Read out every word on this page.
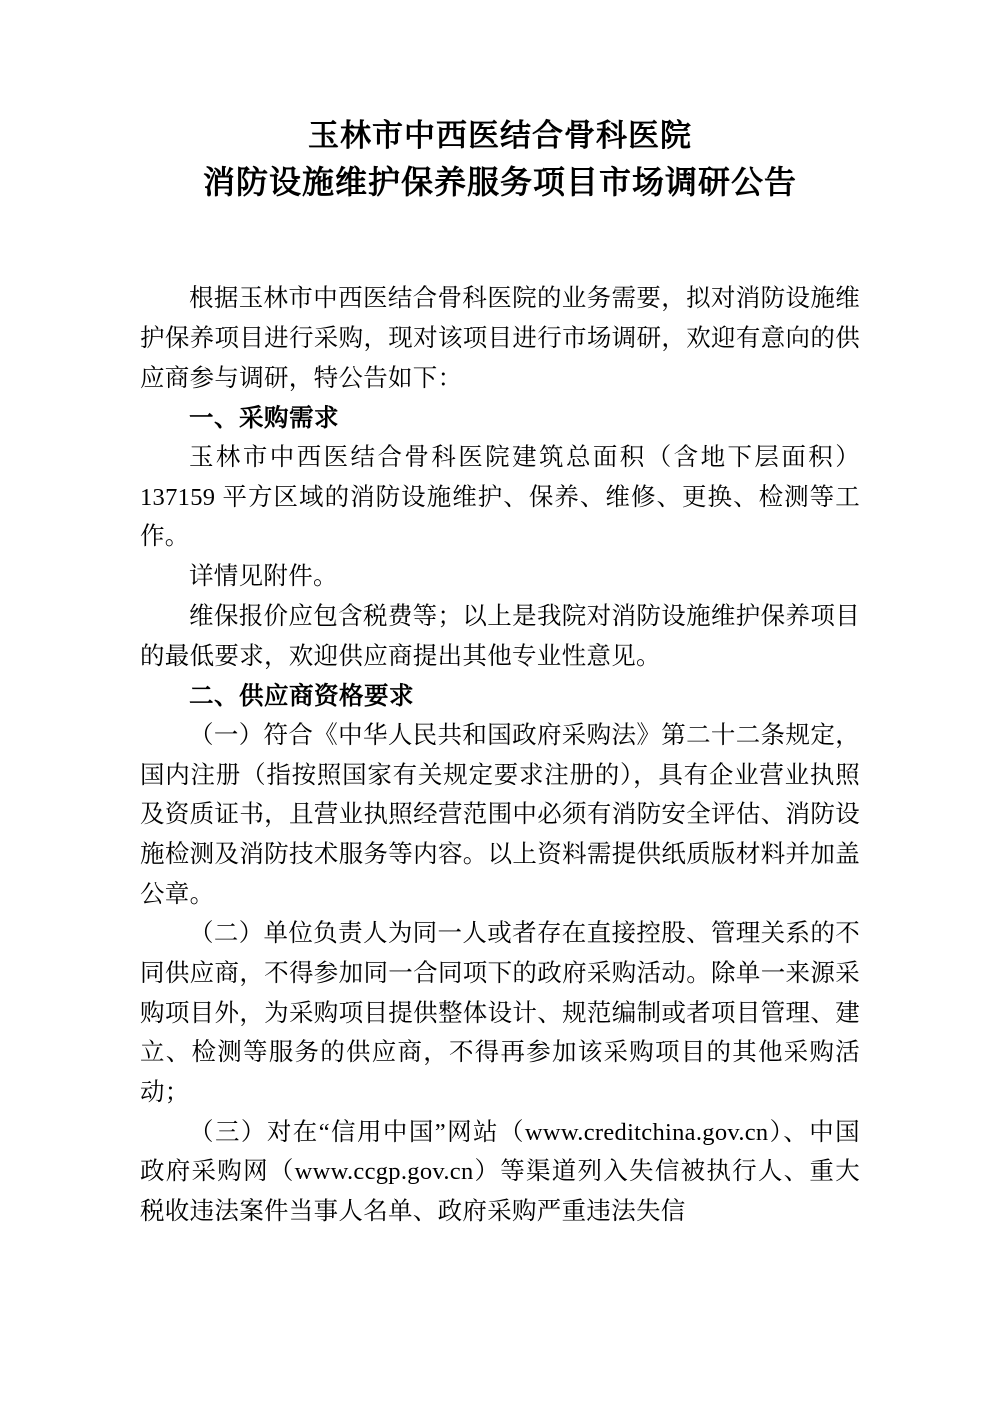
玉林市中西医结合骨科医院
消防设施维护保养服务项目市场调研公告

根据玉林市中西医结合骨科医院的业务需要，拟对消防设施维护保养项目进行采购，现对该项目进行市场调研，欢迎有意向的供应商参与调研，特公告如下：

一、采购需求

玉林市中西医结合骨科医院建筑总面积（含地下层面积）137159 平方区域的消防设施维护、保养、维修、更换、检测等工作。

详情见附件。

维保报价应包含税费等；以上是我院对消防设施维护保养项目的最低要求，欢迎供应商提出其他专业性意见。

二、供应商资格要求

（一）符合《中华人民共和国政府采购法》第二十二条规定，国内注册（指按照国家有关规定要求注册的），具有企业营业执照及资质证书，且营业执照经营范围中必须有消防安全评估、消防设施检测及消防技术服务等内容。以上资料需提供纸质版材料并加盖公章。

（二）单位负责人为同一人或者存在直接控股、管理关系的不同供应商，不得参加同一合同项下的政府采购活动。除单一来源采购项目外，为采购项目提供整体设计、规范编制或者项目管理、建立、检测等服务的供应商，不得再参加该采购项目的其他采购活动；

（三）对在“信用中国”网站（www.creditchina.gov.cn）、中国政府采购网（www.ccgp.gov.cn）等渠道列入失信被执行人、重大税收违法案件当事人名单、政府采购严重违法失信
